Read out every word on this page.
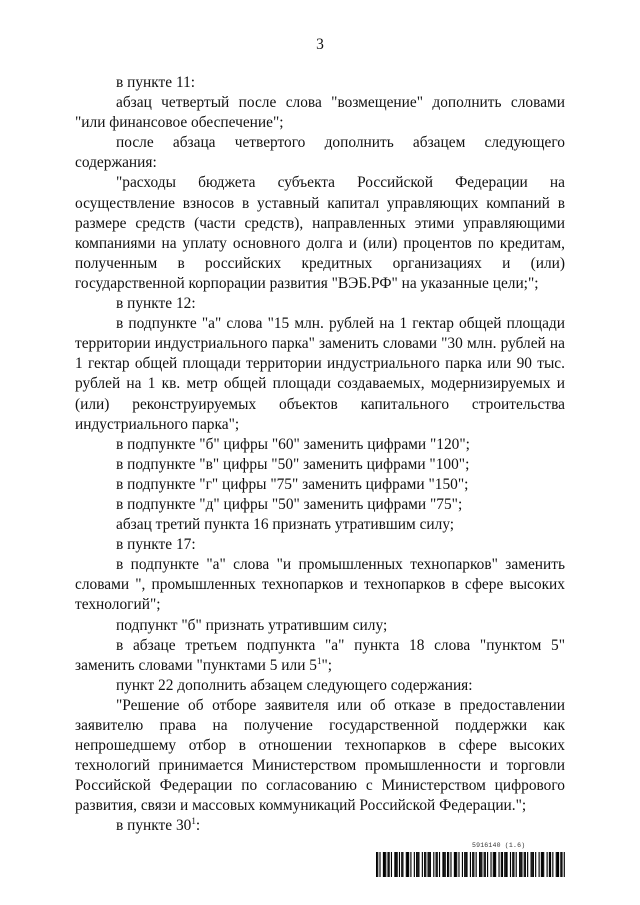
3

в пункте 11:

абзац четвертый после слова "возмещение" дополнить словами "или финансовое обеспечение";

после абзаца четвертого дополнить абзацем следующего содержания:

"расходы бюджета субъекта Российской Федерации на осуществление взносов в уставный капитал управляющих компаний в размере средств (части средств), направленных этими управляющими компаниями на уплату основного долга и (или) процентов по кредитам, полученным в российских кредитных организациях и (или) государственной корпорации развития "ВЭБ.РФ" на указанные цели;";

в пункте 12:

в подпункте "а" слова "15 млн. рублей на 1 гектар общей площади территории индустриального парка" заменить словами "30 млн. рублей на 1 гектар общей площади территории индустриального парка или 90 тыс. рублей на 1 кв. метр общей площади создаваемых, модернизируемых и (или) реконструируемых объектов капитального строительства индустриального парка";

в подпункте "б" цифры "60" заменить цифрами "120";

в подпункте "в" цифры "50" заменить цифрами "100";

в подпункте "г" цифры "75" заменить цифрами "150";

в подпункте "д" цифры "50" заменить цифрами "75";

абзац третий пункта 16 признать утратившим силу;

в пункте 17:

в подпункте "а" слова "и промышленных технопарков" заменить словами ", промышленных технопарков и технопарков в сфере высоких технологий";

подпункт "б" признать утратившим силу;

в абзаце третьем подпункта "а" пункта 18 слова "пунктом 5" заменить словами "пунктами 5 или $5^1$";

пункт 22 дополнить абзацем следующего содержания:

"Решение об отборе заявителя или об отказе в предоставлении заявителю права на получение государственной поддержки как непрошедшему отбор в отношении технопарков в сфере высоких технологий принимается Министерством промышленности и торговли Российской Федерации по согласованию с Министерством цифрового развития, связи и массовых коммуникаций Российской Федерации.";

в пункте $30^1$:

5916140 (1.6)
